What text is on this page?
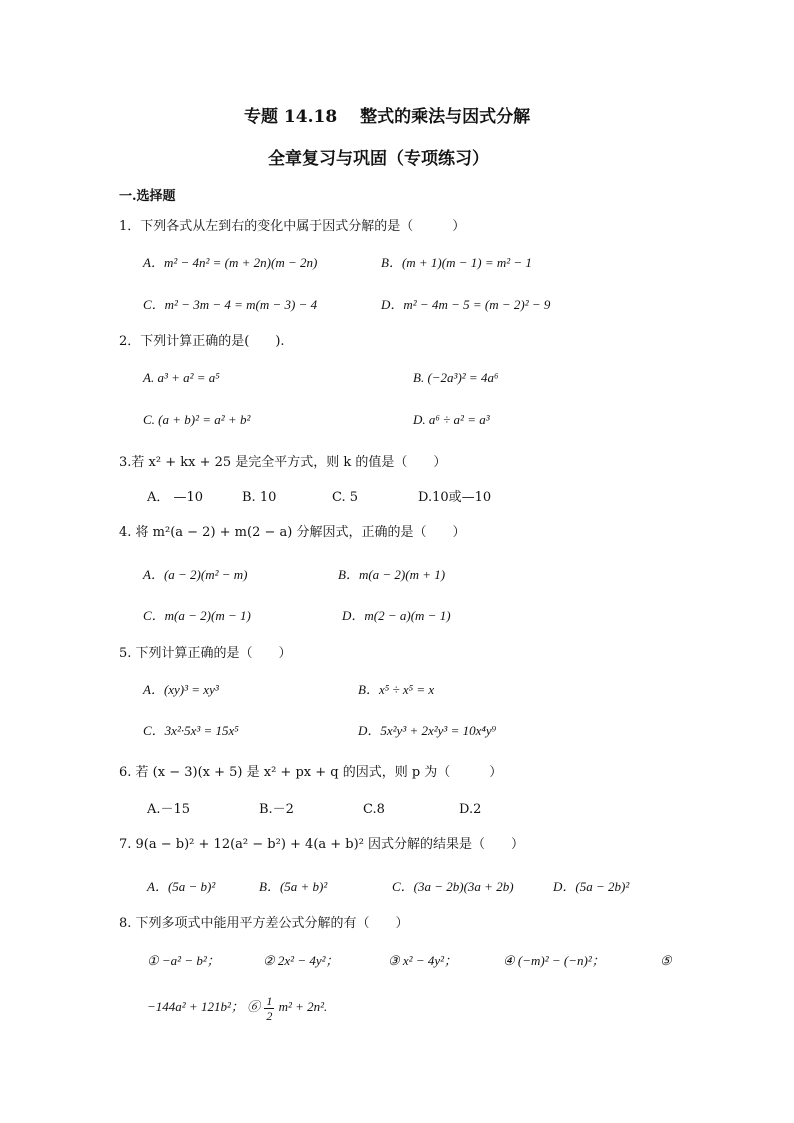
专题 14.18　 整式的乘法与因式分解
全章复习与巩固（专项练习）
一.选择题
1．下列各式从左到右的变化中属于因式分解的是（　　　）
A．m² − 4n² = (m + 2n)(m − 2n)	B．(m + 1)(m − 1) = m² − 1
C．m² − 3m − 4 = m(m − 3) − 4	D．m² − 4m − 5 = (m − 2)² − 9
2．下列计算正确的是(　　).
A. a³ + a² = a⁵	B. (−2a³)² = 4a⁶
C. (a + b)² = a² + b²	D. a⁶ ÷ a² = a³
3.若 x² + kx + 25 是完全平方式，则 k 的值是（　　）
A． —10	B. 10	C. 5	D.10或—10
4. 将 m²(a − 2) + m(2 − a) 分解因式，正确的是（　　）
A．(a − 2)(m² − m)	B．m(a − 2)(m + 1)
C．m(a − 2)(m − 1)	D．m(2 − a)(m − 1)
5. 下列计算正确的是（　　）
A．(xy)³ = xy³	B．x⁵ ÷ x⁵ = x
C．3x²·5x³ = 15x⁵	D．5x²y³ + 2x²y³ = 10x⁴y⁹
6. 若 (x − 3)(x + 5) 是 x² + px + q 的因式，则 p 为（　　　）
A.－15	B.－2	C.8	D.2
7. 9(a − b)² + 12(a² − b²) + 4(a + b)² 因式分解的结果是（　　）
A．(5a − b)²	B．(5a + b)²	C．(3a − 2b)(3a + 2b)	D．(5a − 2b)²
8. 下列多项式中能用平方差公式分解的有（　　）
① −a² − b²；	② 2x² − 4y²；	③ x² − 4y²；	④ (−m)² − (−n)²；	⑤
−144a² + 121b²； ⑥ $\frac{1}{2} m^2 + 2n^2$.
